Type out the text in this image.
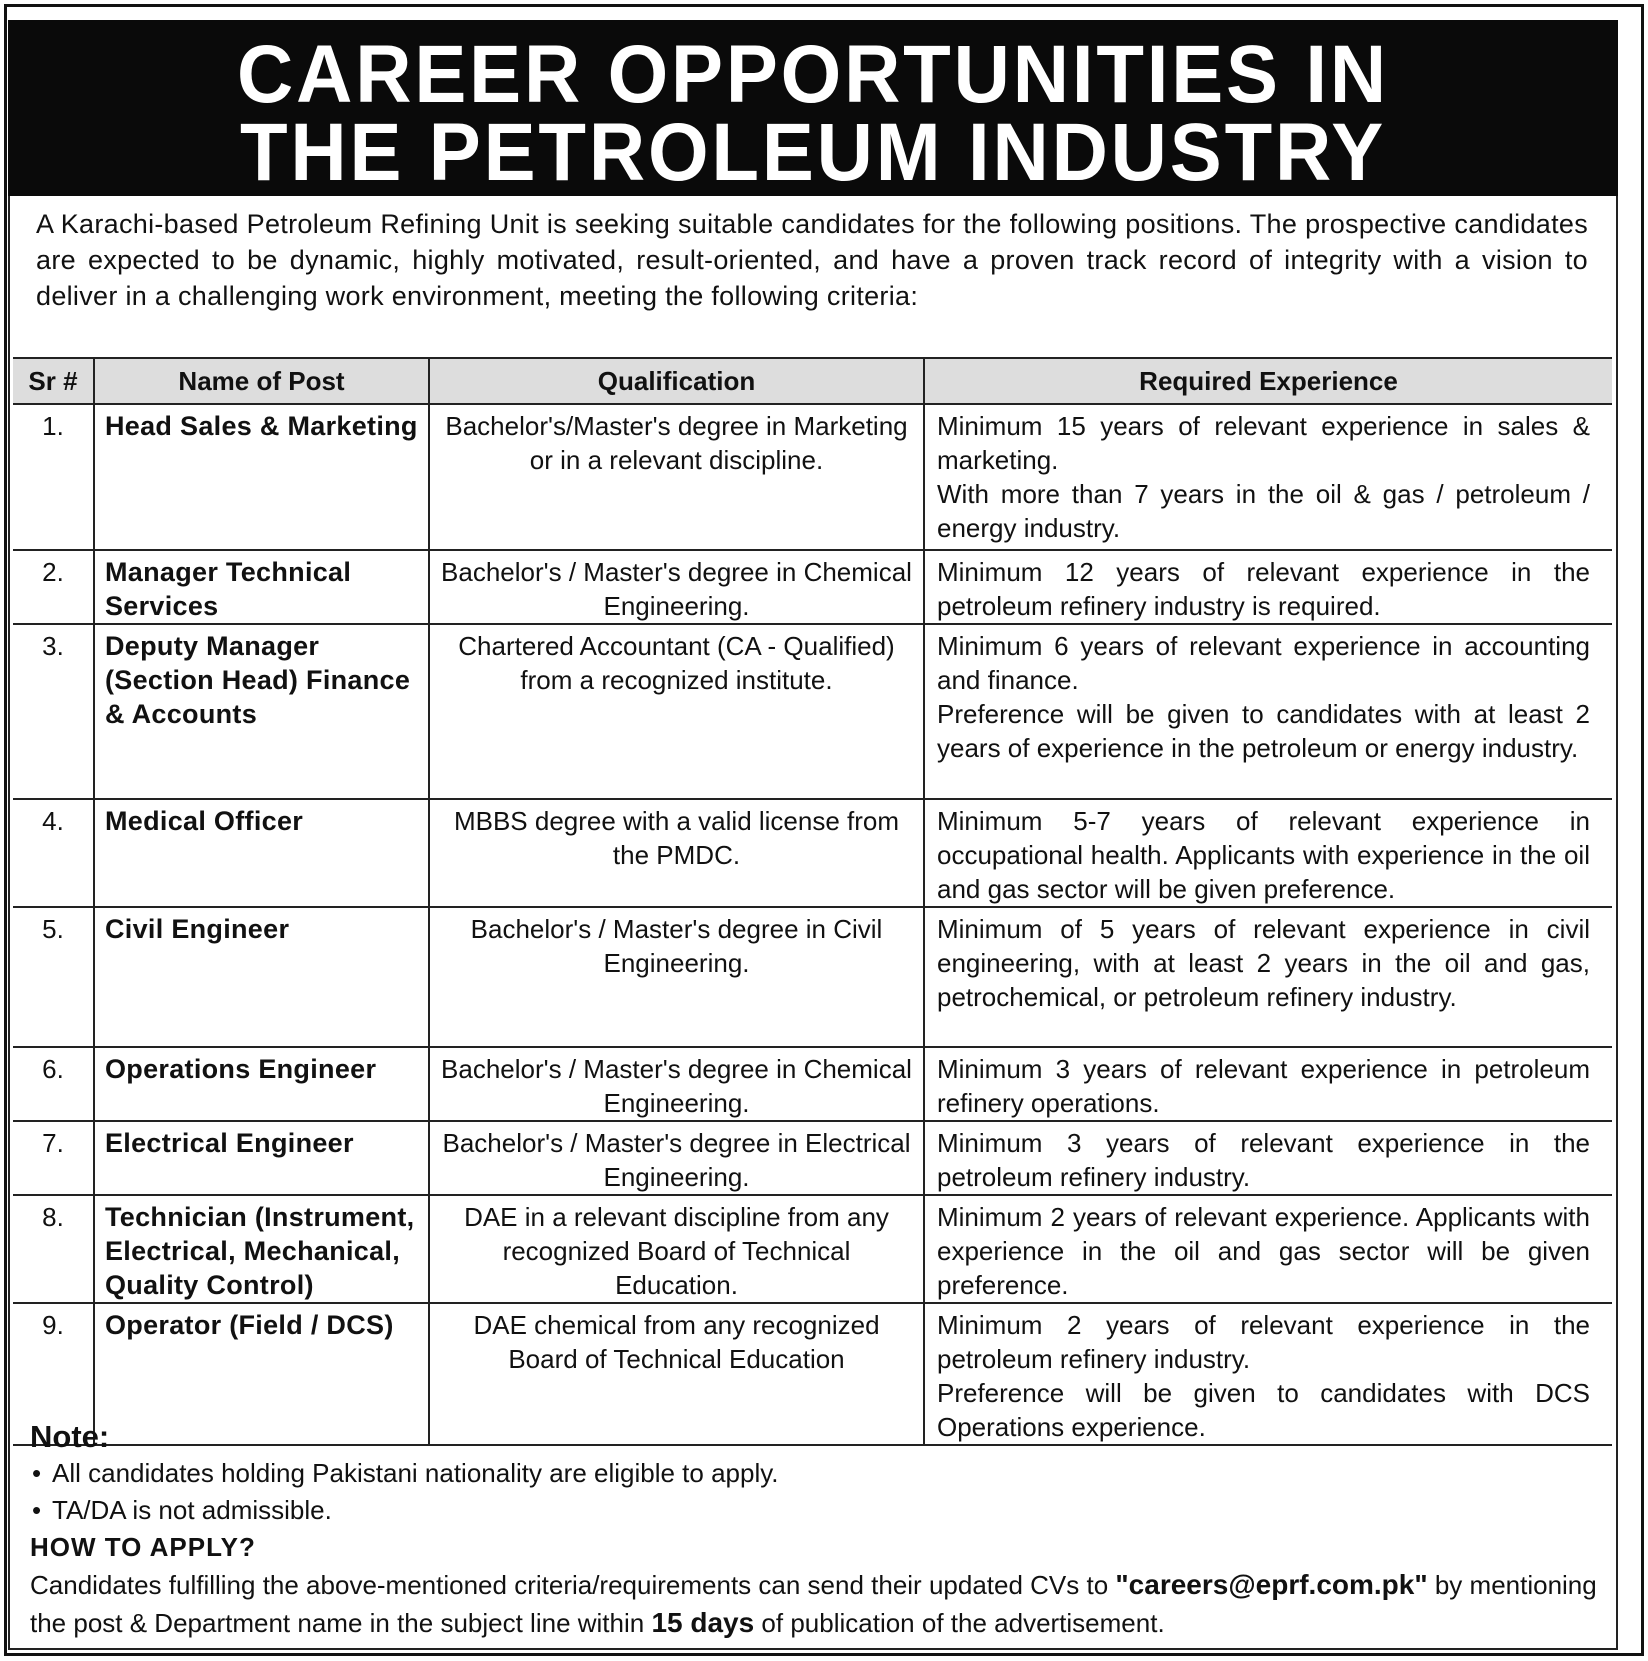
CAREER OPPORTUNITIES IN
THE PETROLEUM INDUSTRY

A Karachi-based Petroleum Refining Unit is seeking suitable candidates for the following positions. The prospective candidates are expected to be dynamic, highly motivated, result-oriented, and have a proven track record of integrity with a vision to deliver in a challenging work environment, meeting the following criteria:

Sr #	Name of Post	Qualification	Required Experience
1.	Head Sales & Marketing	Bachelor's/Master's degree in Marketing or in a relevant discipline.	Minimum 15 years of relevant experience in sales & marketing.
With more than 7 years in the oil & gas / petroleum / energy industry.

2.	Manager Technical Services	Bachelor's / Master's degree in Chemical Engineering.	Minimum 12 years of relevant experience in the petroleum refinery industry is required.

3.	Deputy Manager (Section Head) Finance & Accounts	Chartered Accountant (CA - Qualified) from a recognized institute.	Minimum 6 years of relevant experience in accounting and finance.
Preference will be given to candidates with at least 2 years of experience in the petroleum or energy industry.

4.	Medical Officer	MBBS degree with a valid license from the PMDC.	Minimum 5-7 years of relevant experience in occupational health. Applicants with experience in the oil and gas sector will be given preference.

5.	Civil Engineer	Bachelor's / Master's degree in Civil Engineering.	Minimum of 5 years of relevant experience in civil engineering, with at least 2 years in the oil and gas, petrochemical, or petroleum refinery industry.

6.	Operations Engineer	Bachelor's / Master's degree in Chemical Engineering.	Minimum 3 years of relevant experience in petroleum refinery operations.

7.	Electrical Engineer	Bachelor's / Master's degree in Electrical Engineering.	Minimum 3 years of relevant experience in the petroleum refinery industry.

8.	Technician (Instrument, Electrical, Mechanical, Quality Control)	DAE in a relevant discipline from any recognized Board of Technical Education.	Minimum 2 years of relevant experience. Applicants with experience in the oil and gas sector will be given preference.

9.	Operator (Field / DCS)	DAE chemical from any recognized Board of Technical Education	Minimum 2 years of relevant experience in the petroleum refinery industry.
Preference will be given to candidates with DCS Operations experience.
Note:
• All candidates holding Pakistani nationality are eligible to apply.
• TA/DA is not admissible.
HOW TO APPLY?

Candidates fulfilling the above-mentioned criteria/requirements can send their updated CVs to "careers@eprf.com.pk" by mentioning the post & Department name in the subject line within 15 days of publication of the advertisement.
